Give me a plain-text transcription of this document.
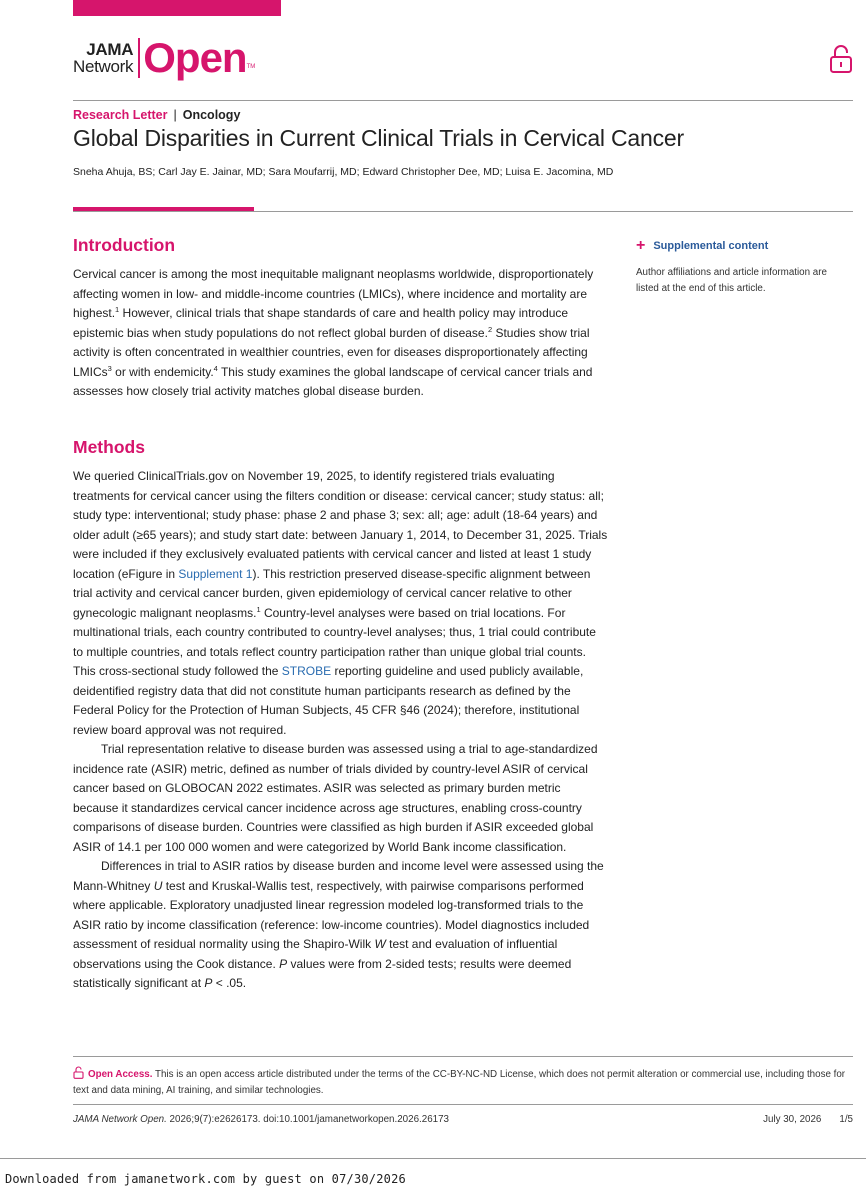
JAMA
Network Open TM
Research Letter | Oncology
Global Disparities in Current Clinical Trials in Cervical Cancer
Sneha Ahuja, BS; Carl Jay E. Jainar, MD; Sara Moufarrij, MD; Edward Christopher Dee, MD; Luisa E. Jacomina, MD
+ Supplemental content
Author affiliations and article information are listed at the end of this article.
Introduction

Cervical cancer is among the most inequitable malignant neoplasms worldwide, disproportionately affecting women in low- and middle-income countries (LMICs), where incidence and mortality are highest.$^1$ However, clinical trials that shape standards of care and health policy may introduce epistemic bias when study populations do not reflect global burden of disease.$^2$ Studies show trial activity is often concentrated in wealthier countries, even for diseases disproportionately affecting LMICs$^3$ or with endemicity.$^4$ This study examines the global landscape of cervical cancer trials and assesses how closely trial activity matches global disease burden.

Methods

We queried ClinicalTrials.gov on November 19, 2025, to identify registered trials evaluating treatments for cervical cancer using the filters condition or disease: cervical cancer; study status: all; study type: interventional; study phase: phase 2 and phase 3; sex: all; age: adult (18-64 years) and older adult (≥65 years); and study start date: between January 1, 2014, to December 31, 2025. Trials were included if they exclusively evaluated patients with cervical cancer and listed at least 1 study location (eFigure in Supplement 1). This restriction preserved disease-specific alignment between trial activity and cervical cancer burden, given epidemiology of cervical cancer relative to other gynecologic malignant neoplasms.$^1$ Country-level analyses were based on trial locations. For multinational trials, each country contributed to country-level analyses; thus, 1 trial could contribute to multiple countries, and totals reflect country participation rather than unique global trial counts. This cross-sectional study followed the STROBE reporting guideline and used publicly available, deidentified registry data that did not constitute human participants research as defined by the Federal Policy for the Protection of Human Subjects, 45 CFR §46 (2024); therefore, institutional review board approval was not required.

Trial representation relative to disease burden was assessed using a trial to age-standardized incidence rate (ASIR) metric, defined as number of trials divided by country-level ASIR of cervical cancer based on GLOBOCAN 2022 estimates. ASIR was selected as primary burden metric because it standardizes cervical cancer incidence across age structures, enabling cross-country comparisons of disease burden. Countries were classified as high burden if ASIR exceeded global ASIR of 14.1 per 100 000 women and were categorized by World Bank income classification.

Differences in trial to ASIR ratios by disease burden and income level were assessed using the Mann-Whitney U test and Kruskal-Wallis test, respectively, with pairwise comparisons performed where applicable. Exploratory unadjusted linear regression modeled log-transformed trials to the ASIR ratio by income classification (reference: low-income countries). Model diagnostics included assessment of residual normality using the Shapiro-Wilk W test and evaluation of influential observations using the Cook distance. P values were from 2-sided tests; results were deemed statistically significant at P < .05.

Open Access. This is an open access article distributed under the terms of the CC-BY-NC-ND License, which does not permit alteration or commercial use, including those for text and data mining, AI training, and similar technologies.
JAMA Network Open. 2026;9(7):e2626173. doi:10.1001/jamanetworkopen.2026.26173	July 30, 2026 1/5
Downloaded from jamanetwork.com by guest on 07/30/2026
